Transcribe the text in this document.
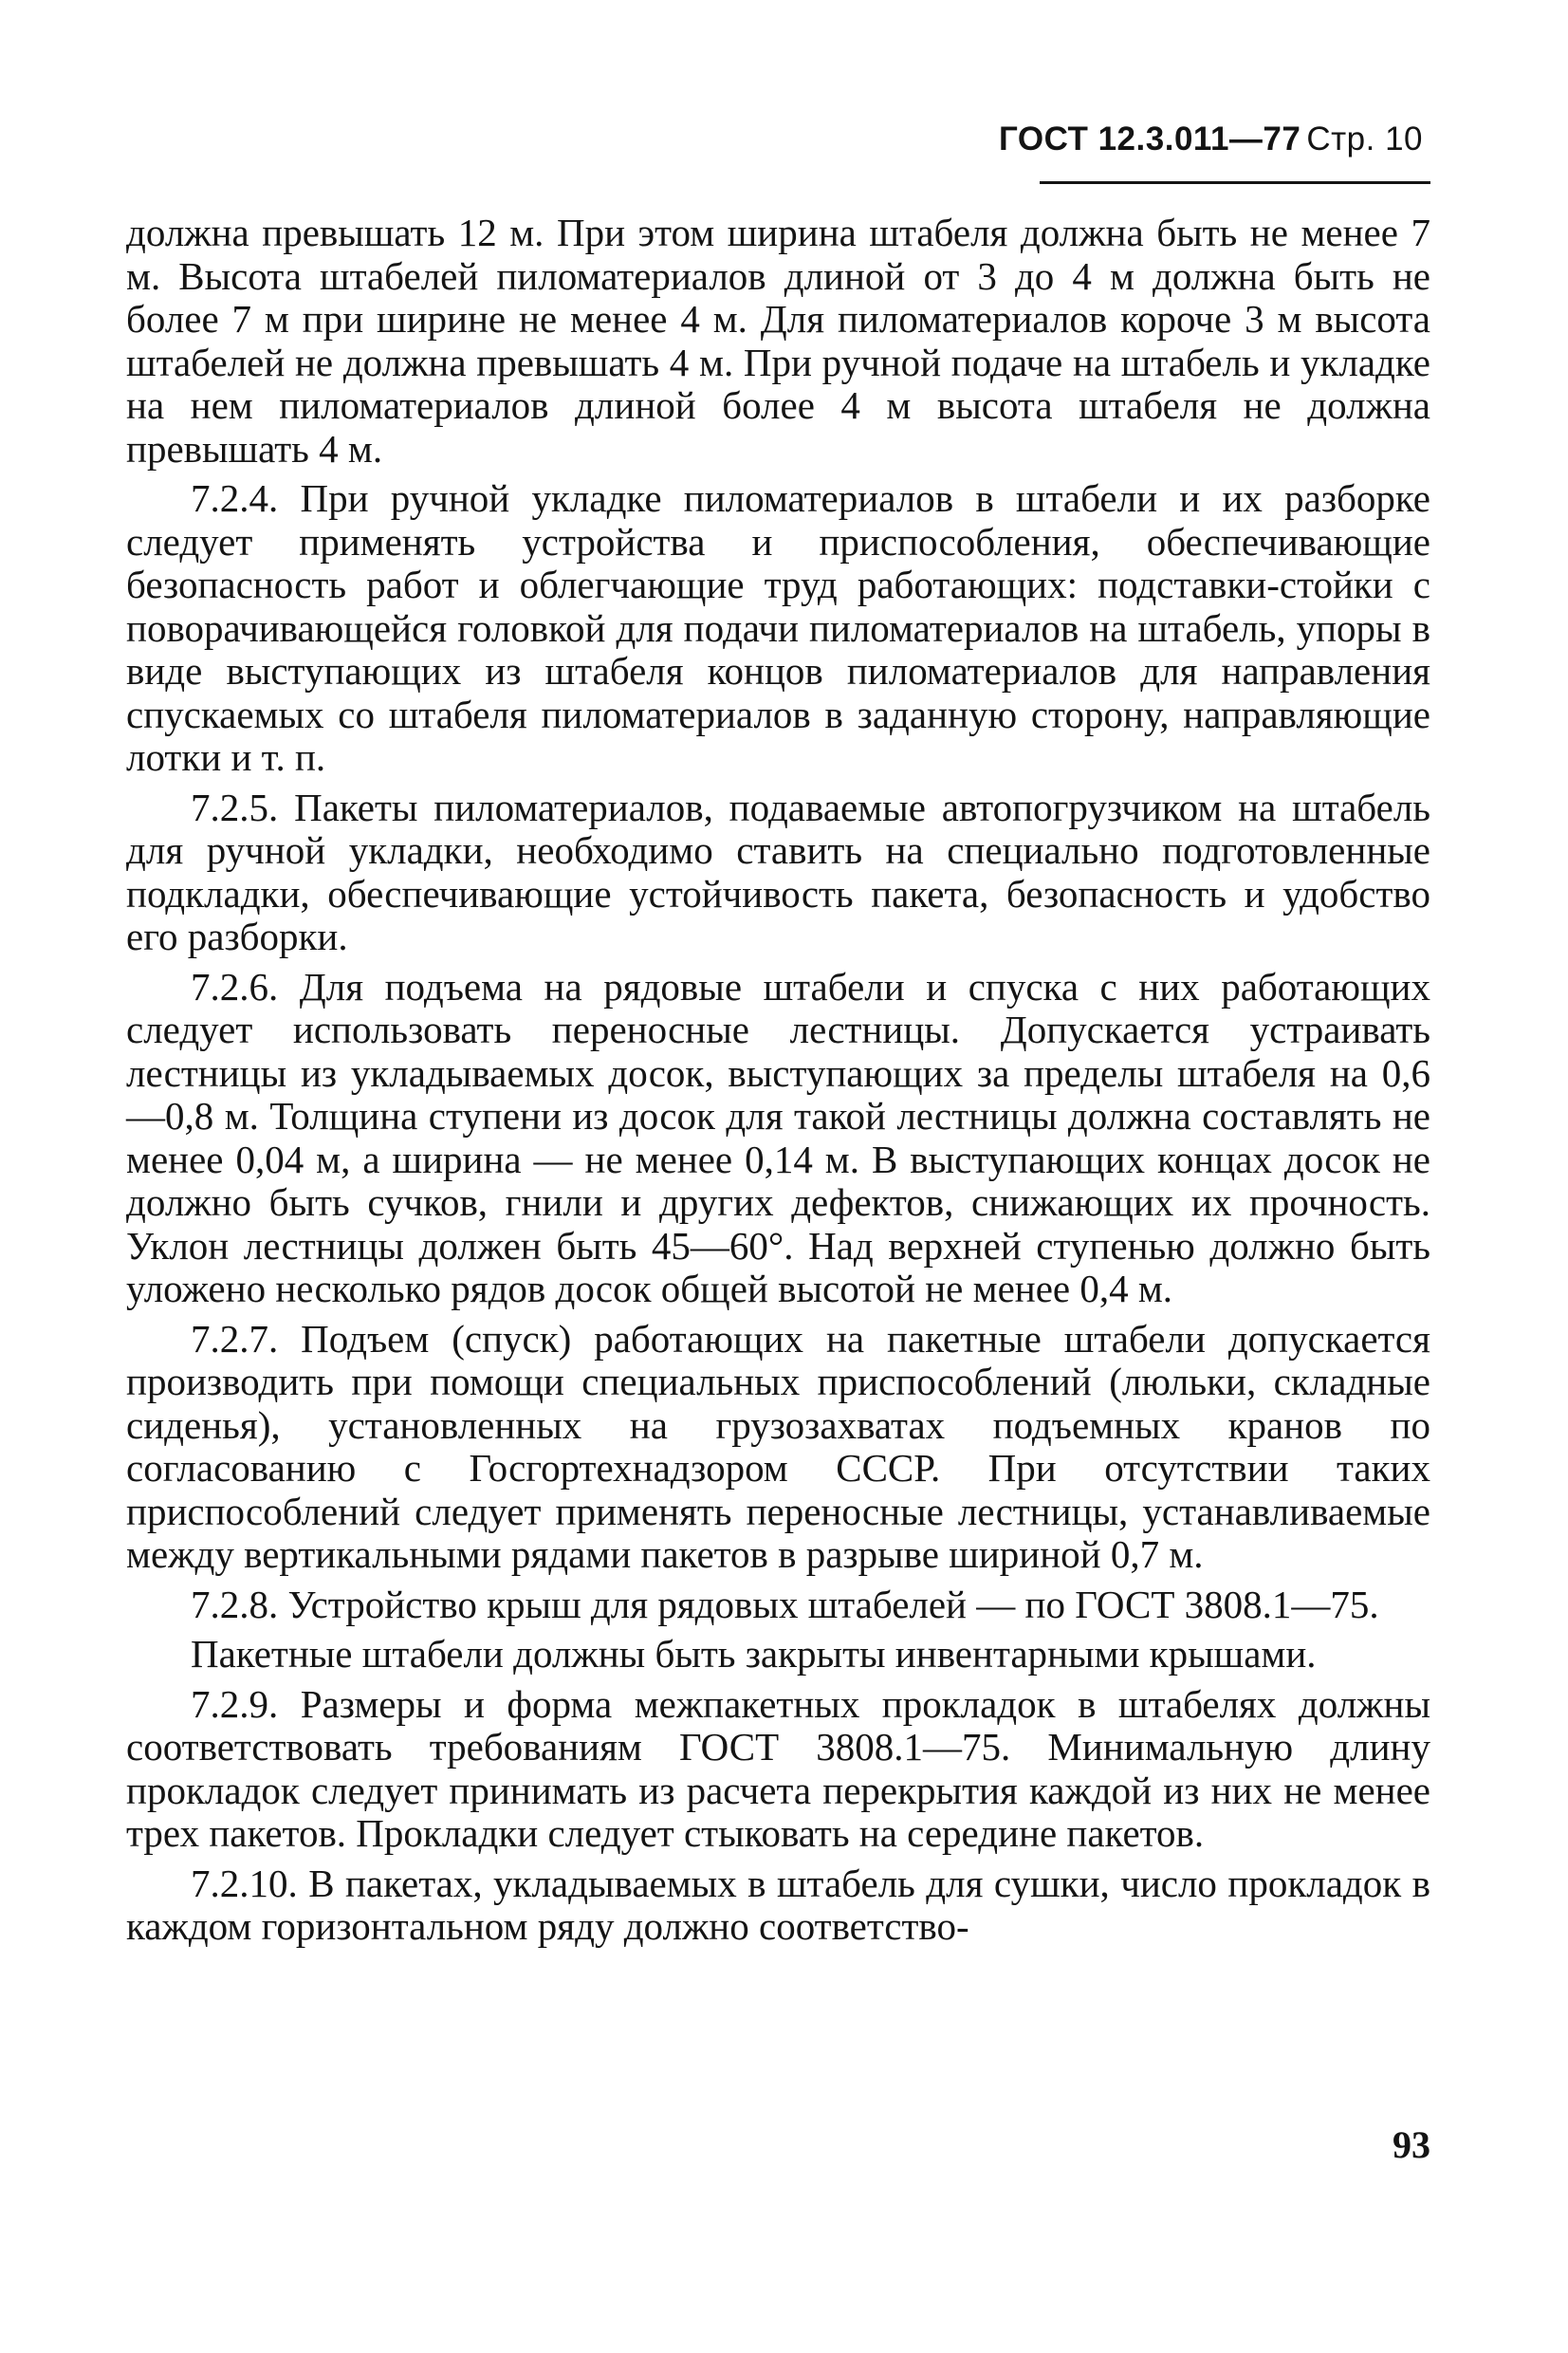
ГОСТ 12.3.011—77 Стр. 10

должна превышать 12 м. При этом ширина штабеля должна быть не менее 7 м. Высота штабелей пиломатериалов длиной от 3 до 4 м должна быть не более 7 м при ширине не менее 4 м. Для пиломатериалов короче 3 м высота штабелей не должна превышать 4 м. При ручной подаче на штабель и укладке на нем пиломатериалов длиной более 4 м высота штабеля не должна превышать 4 м.

7.2.4. При ручной укладке пиломатериалов в штабели и их разборке следует применять устройства и приспособления, обеспечивающие безопасность работ и облегчающие труд работающих: подставки-стойки с поворачивающейся головкой для подачи пиломатериалов на штабель, упоры в виде выступающих из штабеля концов пиломатериалов для направления спускаемых со штабеля пиломатериалов в заданную сторону, направляющие лотки и т. п.

7.2.5. Пакеты пиломатериалов, подаваемые автопогрузчиком на штабель для ручной укладки, необходимо ставить на специально подготовленные подкладки, обеспечивающие устойчивость пакета, безопасность и удобство его разборки.

7.2.6. Для подъема на рядовые штабели и спуска с них работающих следует использовать переносные лестницы. Допускается устраивать лестницы из укладываемых досок, выступающих за пределы штабеля на 0,6—0,8 м. Толщина ступени из досок для такой лестницы должна составлять не менее 0,04 м, а ширина — не менее 0,14 м. В выступающих концах досок не должно быть сучков, гнили и других дефектов, снижающих их прочность. Уклон лестницы должен быть 45—60°. Над верхней ступенью должно быть уложено несколько рядов досок общей высотой не менее 0,4 м.

7.2.7. Подъем (спуск) работающих на пакетные штабели допускается производить при помощи специальных приспособлений (люльки, складные сиденья), установленных на грузозахватах подъемных кранов по согласованию с Госгортехнадзором СССР. При отсутствии таких приспособлений следует применять переносные лестницы, устанавливаемые между вертикальными рядами пакетов в разрыве шириной 0,7 м.

7.2.8. Устройство крыш для рядовых штабелей — по ГОСТ 3808.1—75.

Пакетные штабели должны быть закрыты инвентарными крышами.

7.2.9. Размеры и форма межпакетных прокладок в штабелях должны соответствовать требованиям ГОСТ 3808.1—75. Минимальную длину прокладок следует принимать из расчета перекрытия каждой из них не менее трех пакетов. Прокладки следует стыковать на середине пакетов.

7.2.10. В пакетах, укладываемых в штабель для сушки, число прокладок в каждом горизонтальном ряду должно соответство-

93
